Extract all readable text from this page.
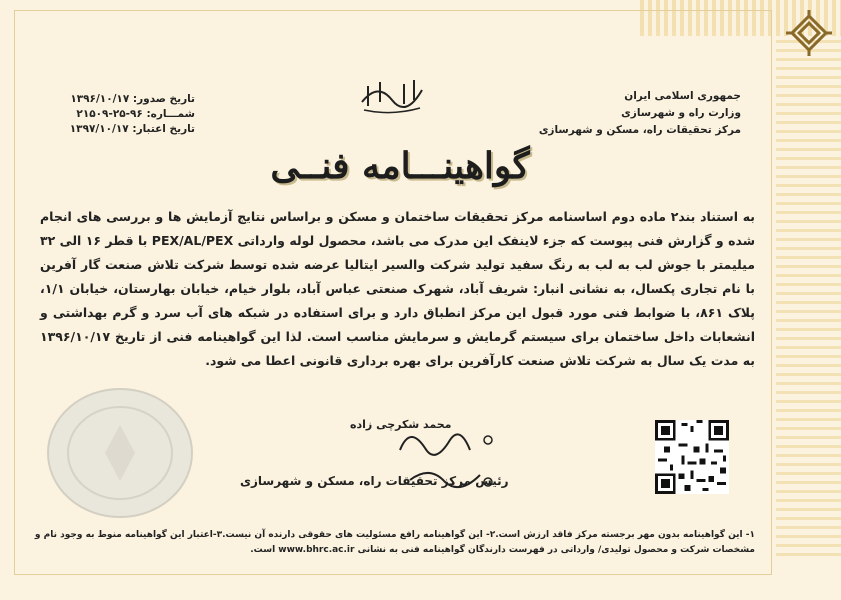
جمهوری اسلامی ایران
وزارت راه و شهرسازی
مرکز تحقیقات راه، مسکن و شهرسازی
تاریخ صدور: ۱۳۹۶/۱۰/۱۷
شمـــاره: ۹۶-۲۵-۲۱۵۰۹
تاریخ اعتبار: ۱۳۹۷/۱۰/۱۷
گواهینـــامه فنــی
به استناد بند۲ ماده دوم اساسنامه مرکز تحقیقات ساختمان و مسکن و براساس نتایج آزمایش ها و بررسی های انجام شده و گزارش فنی پیوست که جزء لاینفک این مدرک می باشد، محصول لوله وارداتی PEX/AL/PEX با قطر ۱۶ الی ۳۲ میلیمتر با جوش لب به لب به رنگ سفید تولید شرکت والسیر ایتالیا عرضه شده توسط شرکت تلاش صنعت گار آفرین با نام تجاری پکسال، به نشانی انبار: شریف آباد، شهرک صنعتی عباس آباد، بلوار خیام، خیابان بهارستان، خیابان ۱/۱، پلاک ۸۶۱، با ضوابط فنی مورد قبول این مرکز انطباق دارد و برای استفاده در شبکه های آب سرد و گرم بهداشتی و انشعابات داخل ساختمان برای سیستم گرمایش و سرمایش مناسب است. لذا این گواهینامه فنی از تاریخ ۱۳۹۶/۱۰/۱۷ به مدت یک سال به شرکت تلاش صنعت کارآفرین برای بهره برداری قانونی اعطا می شود.
محمد شکرچی زاده
رئیس مرکز تحقیقات راه، مسکن و شهرسازی
۱- این گواهینامه بدون مهر برجسته مرکز فاقد ارزش است.۲- این گواهینامه رافع مسئولیت های حقوقی دارنده آن نیست.۳-اعتبار این گواهینامه منوط به وجود نام و مشخصات شرکت و محصول تولیدی/ وارداتی در فهرست دارندگان گواهینامه فنی به نشانی www.bhrc.ac.ir است.
